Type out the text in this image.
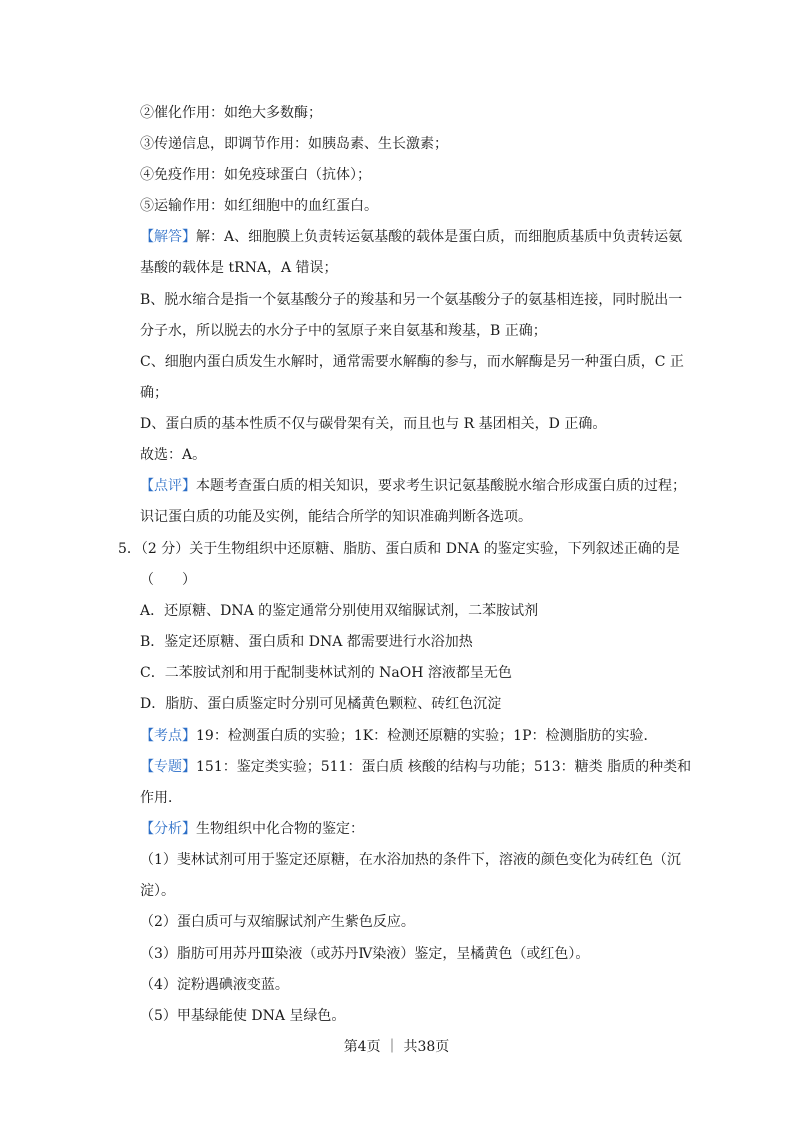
②催化作用：如绝大多数酶；
③传递信息，即调节作用：如胰岛素、生长激素；
④免疫作用：如免疫球蛋白（抗体）；
⑤运输作用：如红细胞中的血红蛋白。
【解答】解：A、细胞膜上负责转运氨基酸的载体是蛋白质，而细胞质基质中负责转运氨
基酸的载体是 tRNA，A 错误；
B、脱水缩合是指一个氨基酸分子的羧基和另一个氨基酸分子的氨基相连接，同时脱出一
分子水，所以脱去的水分子中的氢原子来自氨基和羧基，B 正确；
C、细胞内蛋白质发生水解时，通常需要水解酶的参与，而水解酶是另一种蛋白质，C 正
确；
D、蛋白质的基本性质不仅与碳骨架有关，而且也与 R 基团相关，D 正确。
故选：A。
【点评】本题考查蛋白质的相关知识，要求考生识记氨基酸脱水缩合形成蛋白质的过程；
识记蛋白质的功能及实例，能结合所学的知识准确判断各选项。
5．（2 分）关于生物组织中还原糖、脂肪、蛋白质和 DNA 的鉴定实验，下列叙述正确的是
（　　）
A．还原糖、DNA 的鉴定通常分别使用双缩脲试剂，二苯胺试剂
B．鉴定还原糖、蛋白质和 DNA 都需要进行水浴加热
C．二苯胺试剂和用于配制斐林试剂的 NaOH 溶液都呈无色
D．脂肪、蛋白质鉴定时分别可见橘黄色颗粒、砖红色沉淀
【考点】19：检测蛋白质的实验；1K：检测还原糖的实验；1P：检测脂肪的实验．
【专题】151：鉴定类实验；511：蛋白质 核酸的结构与功能；513：糖类 脂质的种类和
作用．
【分析】生物组织中化合物的鉴定：
（1）斐林试剂可用于鉴定还原糖，在水浴加热的条件下，溶液的颜色变化为砖红色（沉
淀）。
（2）蛋白质可与双缩脲试剂产生紫色反应。
（3）脂肪可用苏丹Ⅲ染液（或苏丹Ⅳ染液）鉴定，呈橘黄色（或红色）。
（4）淀粉遇碘液变蓝。
（5）甲基绿能使 DNA 呈绿色。
第4页 ｜ 共38页
